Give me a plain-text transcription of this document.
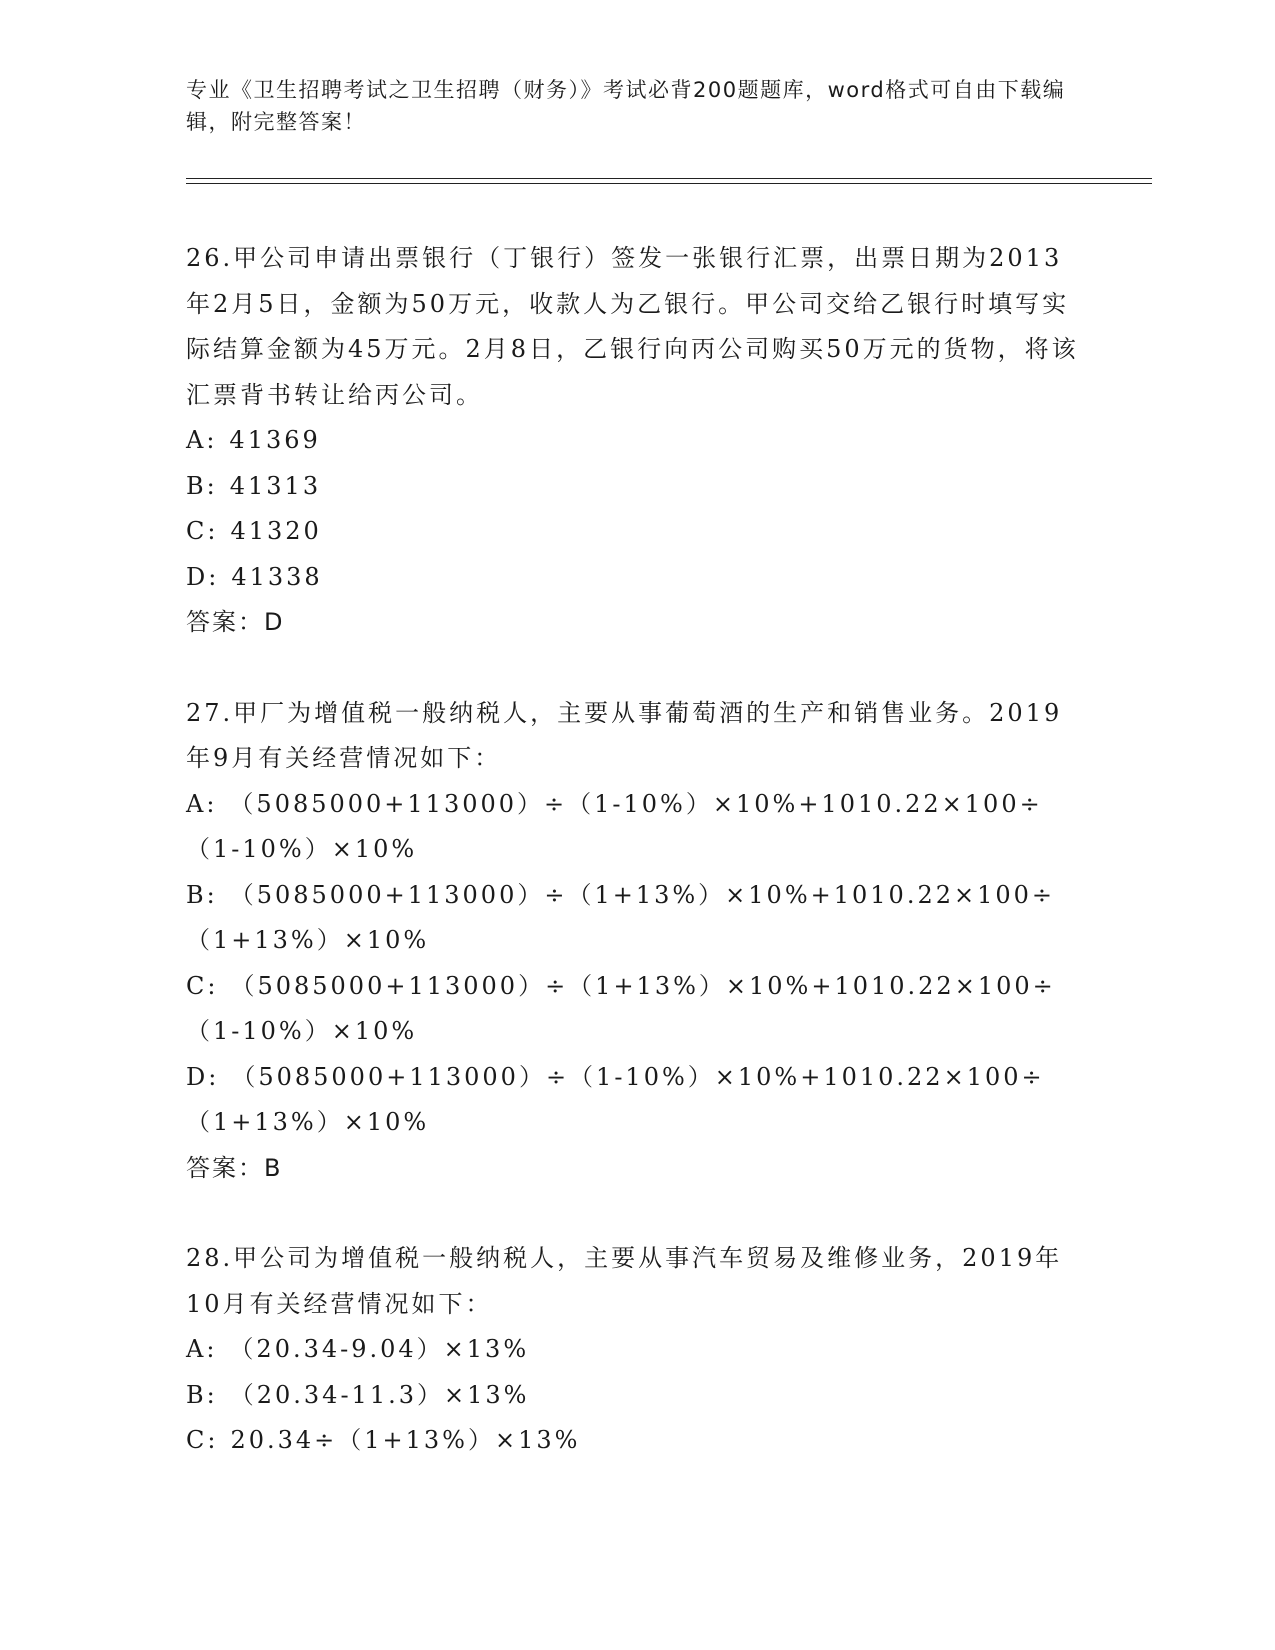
专业《卫生招聘考试之卫生招聘（财务）》考试必背200题题库，word格式可自由下载编辑，附完整答案！
26.甲公司申请出票银行（丁银行）签发一张银行汇票，出票日期为2013年2月5日，金额为50万元，收款人为乙银行。甲公司交给乙银行时填写实际结算金额为45万元。2月8日，乙银行向丙公司购买50万元的货物，将该汇票背书转让给丙公司。
A: 41369
B: 41313
C: 41320
D: 41338
答案：D
27.甲厂为增值税一般纳税人，主要从事葡萄酒的生产和销售业务。2019年9月有关经营情况如下：
A: （5085000+113000）÷（1-10%）×10%+1010.22×100÷（1-10%）×10%
B: （5085000+113000）÷（1+13%）×10%+1010.22×100÷（1+13%）×10%
C: （5085000+113000）÷（1+13%）×10%+1010.22×100÷（1-10%）×10%
D: （5085000+113000）÷（1-10%）×10%+1010.22×100÷（1+13%）×10%
答案：B
28.甲公司为增值税一般纳税人，主要从事汽车贸易及维修业务，2019年10月有关经营情况如下：
A: （20.34-9.04）×13%
B: （20.34-11.3）×13%
C: 20.34÷（1+13%）×13%
